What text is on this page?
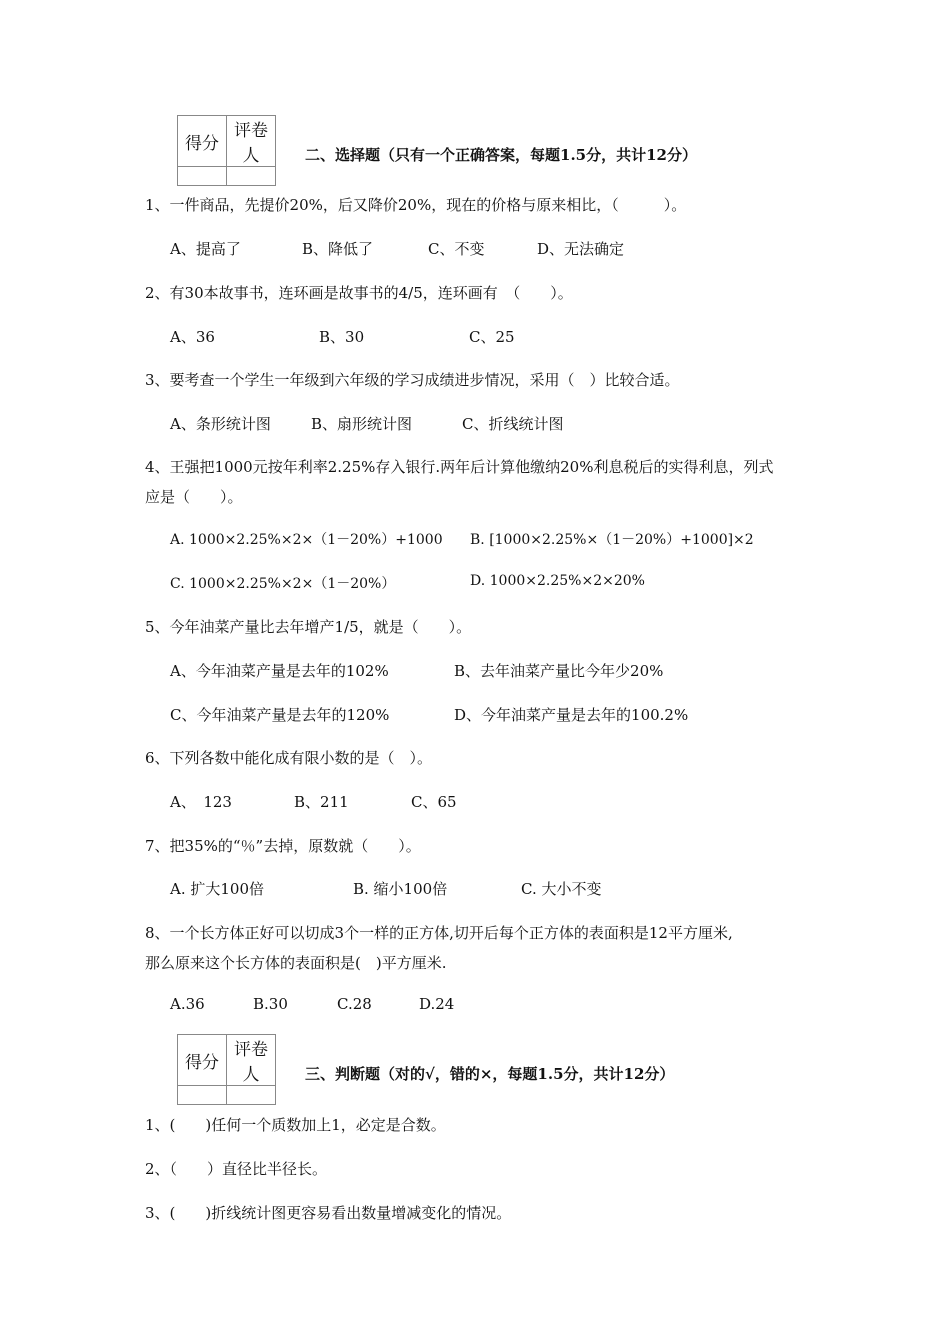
得分	评卷人
		二、选择题（只有一个正确答案，每题1.5分，共计12分）
1、一件商品，先提价20%，后又降价20%，现在的价格与原来相比，（　　　）。
A、提高了	B、降低了	C、不变	D、无法确定
2、有30本故事书，连环画是故事书的4/5，连环画有　（　　）。
A、36	B、30	C、25
3、要考查一个学生一年级到六年级的学习成绩进步情况，采用（　）比较合适。
A、条形统计图	B、扇形统计图	C、折线统计图
4、王强把1000元按年利率2.25%存入银行.两年后计算他缴纳20%利息税后的实得利息，列式
应是（　　）。
A. 1000×2.25%×2×（1－20%）+1000 B. [1000×2.25%×（1－20%）+1000]×2
C. 1000×2.25%×2×（1－20%）	D. 1000×2.25%×2×20%
5、今年油菜产量比去年增产1/5，就是（　　）。
A、今年油菜产量是去年的102%	B、去年油菜产量比今年少20%
C、今年油菜产量是去年的120%	D、今年油菜产量是去年的100.2%
6、下列各数中能化成有限小数的是（　）。
A、　123	B、211	C、65
7、把35%的“％”去掉，原数就（　　）。
A. 扩大100倍	B. 缩小100倍	C. 大小不变
8、一个长方体正好可以切成3个一样的正方体,切开后每个正方体的表面积是12平方厘米,
那么原来这个长方体的表面积是(　)平方厘米.
A.36	B.30	C.28	D.24
得分	评卷人
		三、判断题（对的√，错的×，每题1.5分，共计12分）
1、(　　)任何一个质数加上1，必定是合数。
2、（　　）直径比半径长。
3、(　　)折线统计图更容易看出数量增减变化的情况。
